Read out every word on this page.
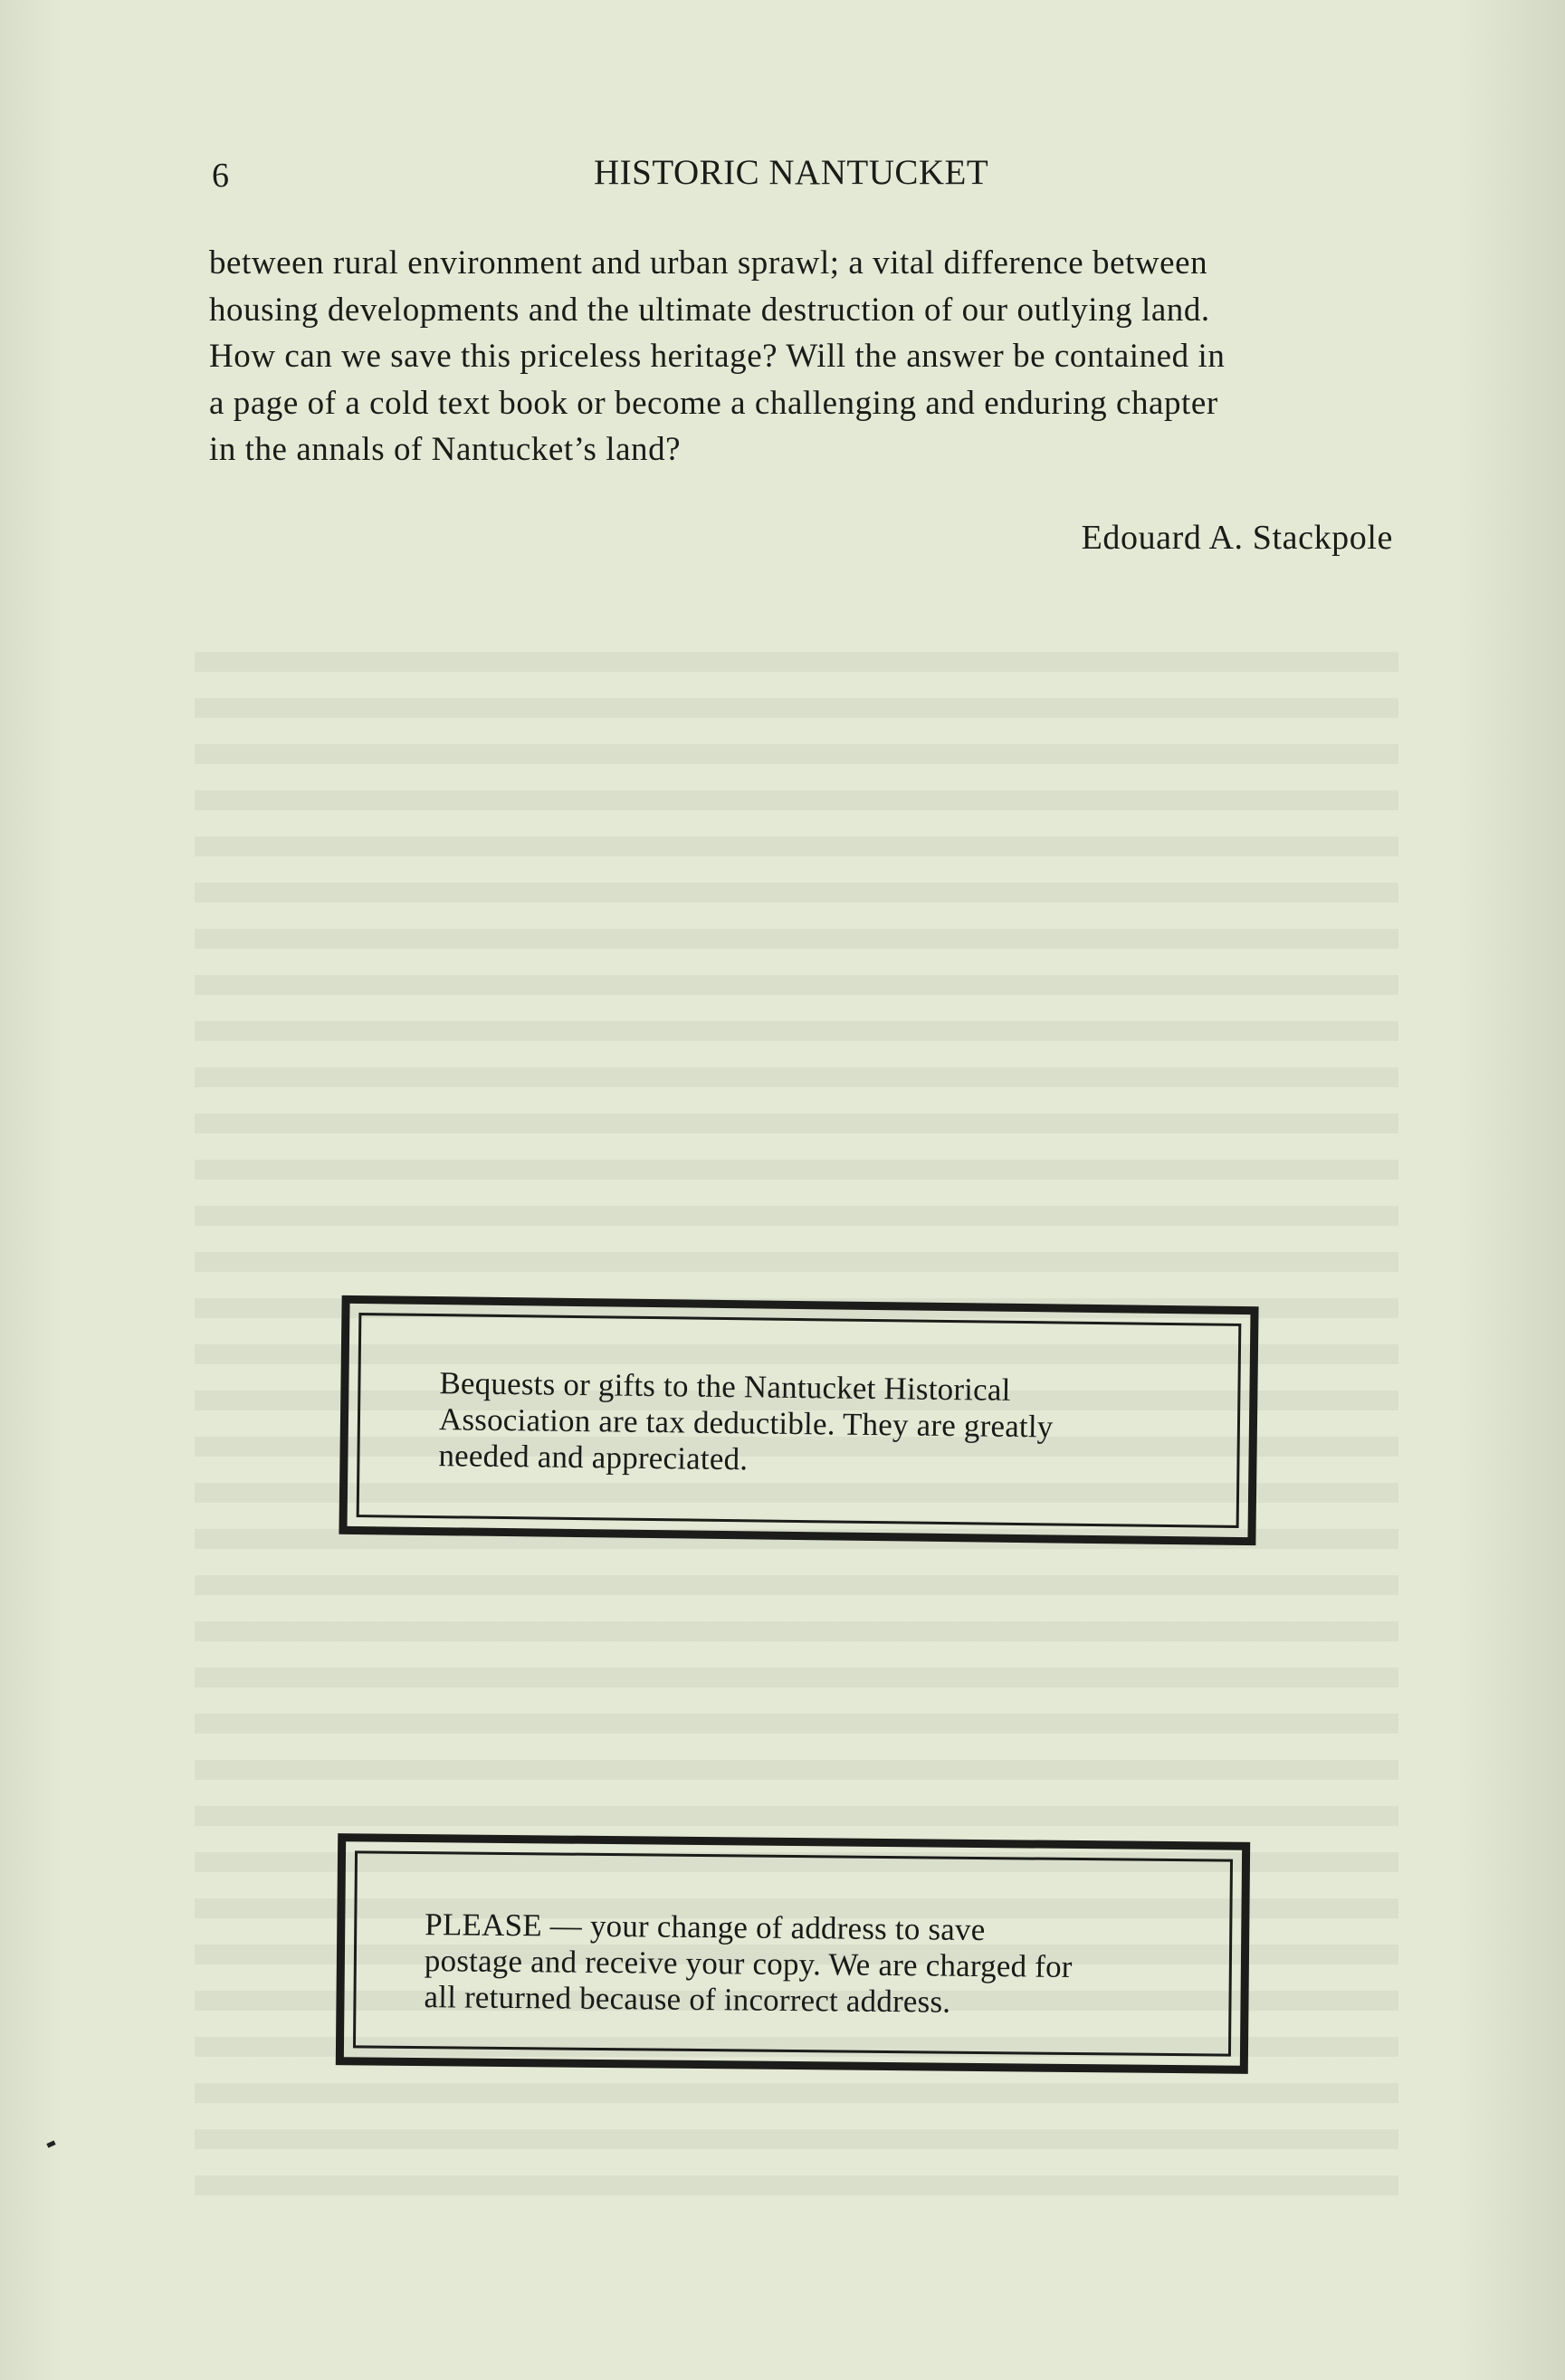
6	HISTORIC NANTUCKET
between rural environment and urban sprawl; a vital difference between
housing developments and the ultimate destruction of our outlying land.
How can we save this priceless heritage? Will the answer be contained in
a page of a cold text book or become a challenging and enduring chapter
in the annals of Nantucket’s land?
Edouard A. Stackpole
Bequests or gifts to the Nantucket Historical
Association are tax deductible. They are greatly
needed and appreciated.
PLEASE — your change of address to save
postage and receive your copy. We are charged for
all returned because of incorrect address.
